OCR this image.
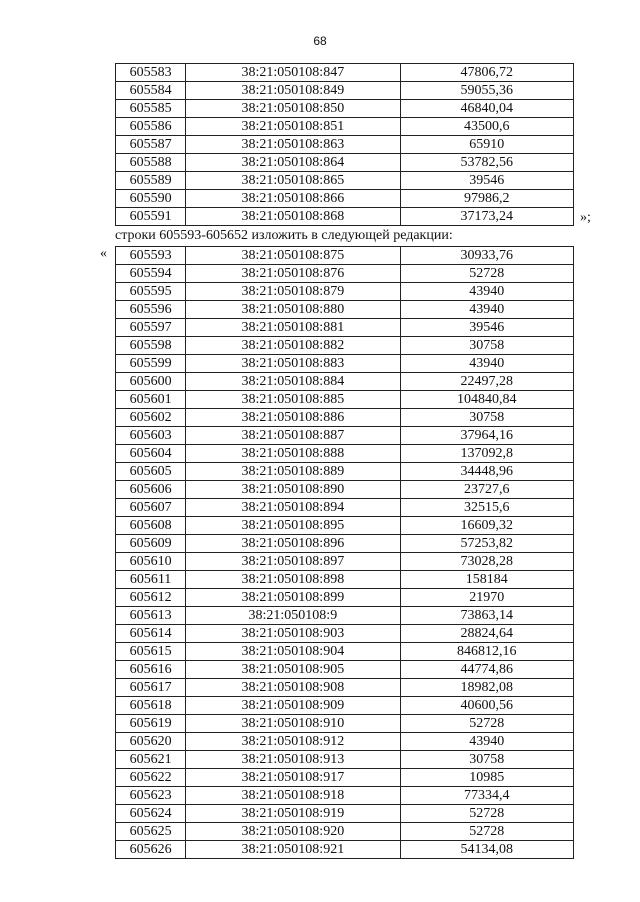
68
605583	38:21:050108:847	47806,72
605584	38:21:050108:849	59055,36
605585	38:21:050108:850	46840,04
605586	38:21:050108:851	43500,6
605587	38:21:050108:863	65910
605588	38:21:050108:864	53782,56
605589	38:21:050108:865	39546
605590	38:21:050108:866	97986,2
605591	38:21:050108:868	37173,24	»;
строки 605593-605652 изложить в следующей редакции:
« 605593	38:21:050108:875	30933,76
605594	38:21:050108:876	52728
605595	38:21:050108:879	43940
605596	38:21:050108:880	43940
605597	38:21:050108:881	39546
605598	38:21:050108:882	30758
605599	38:21:050108:883	43940
605600	38:21:050108:884	22497,28
605601	38:21:050108:885	104840,84
605602	38:21:050108:886	30758
605603	38:21:050108:887	37964,16
605604	38:21:050108:888	137092,8
605605	38:21:050108:889	34448,96
605606	38:21:050108:890	23727,6
605607	38:21:050108:894	32515,6
605608	38:21:050108:895	16609,32
605609	38:21:050108:896	57253,82
605610	38:21:050108:897	73028,28
605611	38:21:050108:898	158184
605612	38:21:050108:899	21970
605613	38:21:050108:9	73863,14
605614	38:21:050108:903	28824,64
605615	38:21:050108:904	846812,16
605616	38:21:050108:905	44774,86
605617	38:21:050108:908	18982,08
605618	38:21:050108:909	40600,56
605619	38:21:050108:910	52728
605620	38:21:050108:912	43940
605621	38:21:050108:913	30758
605622	38:21:050108:917	10985
605623	38:21:050108:918	77334,4
605624	38:21:050108:919	52728
605625	38:21:050108:920	52728
605626	38:21:050108:921	54134,08
